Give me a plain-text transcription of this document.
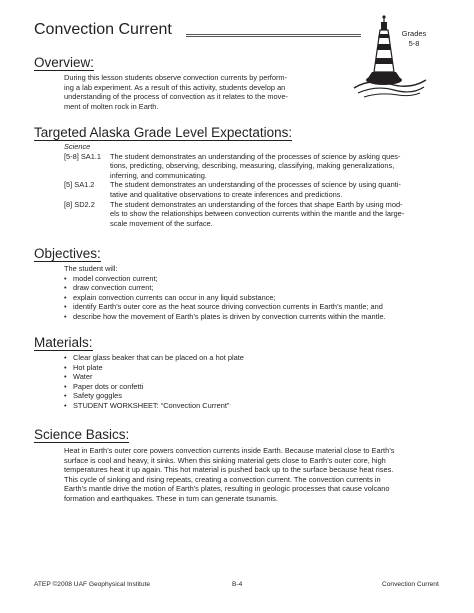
Convection Current	Grades
5-8
Overview:
During this lesson students observe convection currents by perform-
ing a lab experiment. As a result of this activity, students develop an
understanding of the process of convection as it relates to the move-
ment of molten rock in Earth.
Targeted Alaska Grade Level Expectations:
Science
[5-8] SA1.1 The student demonstrates an understanding of the processes of science by asking ques-
tions, predicting, observing, describing, measuring, classifying, making generalizations,
inferring, and communicating.
[5] SA1.2 The student demonstrates an understanding of the processes of science by using quanti-
tative and qualitative observations to create inferences and predictions.
[8] SD2.2 The student demonstrates an understanding of the forces that shape Earth by using mod-
els to show the relationships between convection currents within the mantle and the large-
scale movement of the surface.
Objectives:
The student will:
• model convection current;
• draw convection current;
• explain convection currents can occur in any liquid substance;
• identify Earth’s outer core as the heat source driving convection currents in Earth’s mantle; and
• describe how the movement of Earth’s plates is driven by convection currents within the mantle.
Materials:
• Clear glass beaker that can be placed on a hot plate
• Hot plate
• Water
• Paper dots or confetti
• Safety goggles
• STUDENT WORKSHEET: “Convection Current”
Science Basics:
Heat in Earth’s outer core powers convection currents inside Earth. Because material close to Earth’s
surface is cool and heavy, it sinks. When this sinking material gets close to Earth’s outer core, high
temperatures heat it up again. This hot material is pushed back up to the surface because heat rises.
This cycle of sinking and rising repeats, creating a convection current. The convection currents in
Earth’s mantle drive the motion of Earth’s plates, resulting in geologic processes that cause volcano
formation and earthquakes. These in turn can generate tsunamis.
ATEP ©2008 UAF Geophysical Institute	B-4	Convection Current
